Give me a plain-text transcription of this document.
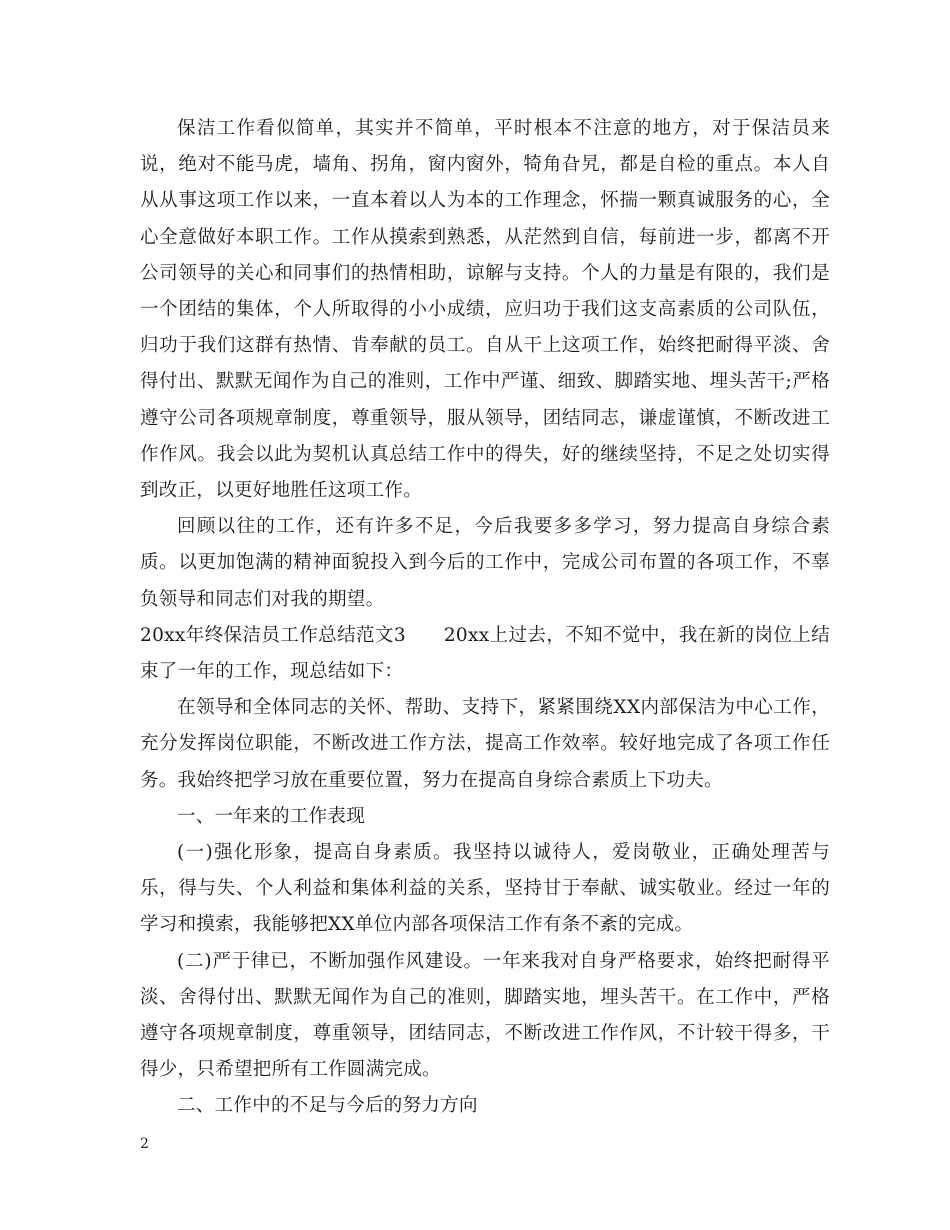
保洁工作看似简单，其实并不简单，平时根本不注意的地方，对于保洁员来说，绝对不能马虎，墙角、拐角，窗内窗外，犄角旮旯，都是自检的重点。本人自从从事这项工作以来，一直本着以人为本的工作理念，怀揣一颗真诚服务的心，全心全意做好本职工作。工作从摸索到熟悉，从茫然到自信，每前进一步，都离不开公司领导的关心和同事们的热情相助，谅解与支持。个人的力量是有限的，我们是一个团结的集体，个人所取得的小小成绩，应归功于我们这支高素质的公司队伍，归功于我们这群有热情、肯奉献的员工。自从干上这项工作，始终把耐得平淡、舍得付出、默默无闻作为自己的准则，工作中严谨、细致、脚踏实地、埋头苦干;严格遵守公司各项规章制度，尊重领导，服从领导，团结同志，谦虚谨慎，不断改进工作作风。我会以此为契机认真总结工作中的得失，好的继续坚持，不足之处切实得到改正，以更好地胜任这项工作。

回顾以往的工作，还有许多不足，今后我要多多学习，努力提高自身综合素质。以更加饱满的精神面貌投入到今后的工作中，完成公司布置的各项工作，不辜负领导和同志们对我的期望。

20xx年终保洁员工作总结范文3　　20xx上过去，不知不觉中，我在新的岗位上结束了一年的工作，现总结如下：

在领导和全体同志的关怀、帮助、支持下，紧紧围绕XX内部保洁为中心工作，充分发挥岗位职能，不断改进工作方法，提高工作效率。较好地完成了各项工作任务。我始终把学习放在重要位置，努力在提高自身综合素质上下功夫。

一、一年来的工作表现

(一)强化形象，提高自身素质。我坚持以诚待人，爱岗敬业，正确处理苦与乐，得与失、个人利益和集体利益的关系，坚持甘于奉献、诚实敬业。经过一年的学习和摸索，我能够把XX单位内部各项保洁工作有条不紊的完成。

(二)严于律已，不断加强作风建设。一年来我对自身严格要求，始终把耐得平淡、舍得付出、默默无闻作为自己的准则，脚踏实地，埋头苦干。在工作中，严格遵守各项规章制度，尊重领导，团结同志，不断改进工作作风，不计较干得多，干得少，只希望把所有工作圆满完成。

二、工作中的不足与今后的努力方向

2
